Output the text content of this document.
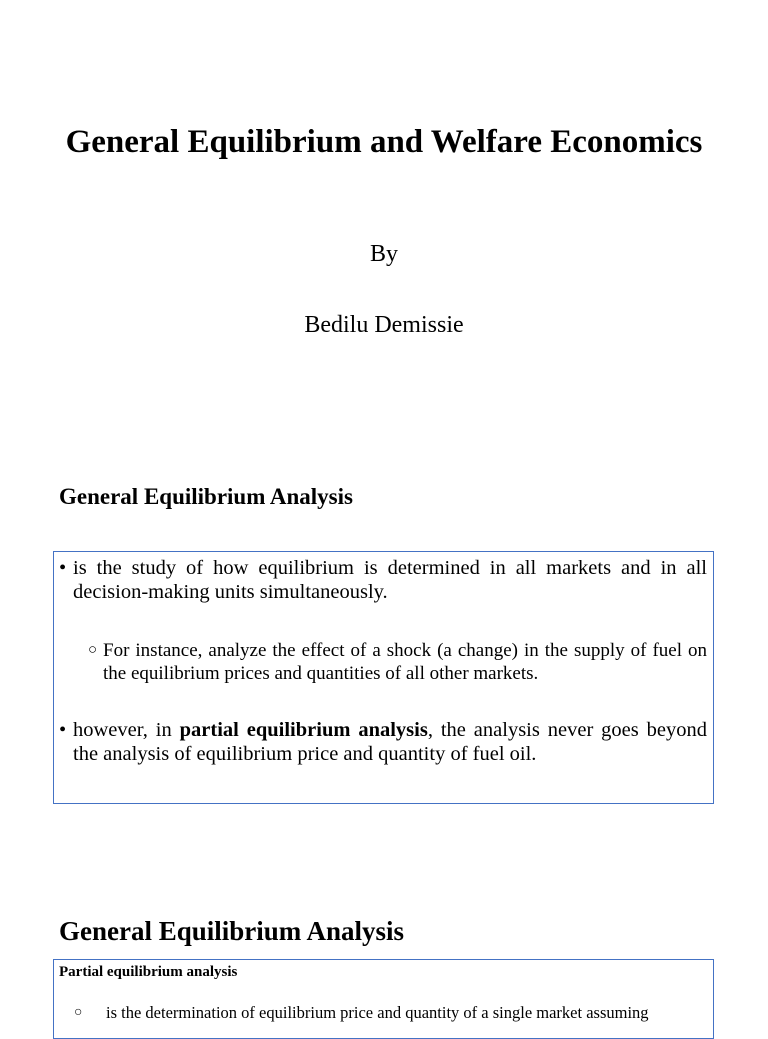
General Equilibrium and Welfare Economics
By
Bedilu Demissie
General Equilibrium Analysis
• is the study of how equilibrium is determined in all markets and in all decision-making units simultaneously.
○ For instance, analyze the effect of a shock (a change) in the supply of fuel on the equilibrium prices and quantities of all other markets.
• however, in partial equilibrium analysis, the analysis never goes beyond the analysis of equilibrium price and quantity of fuel oil.
General Equilibrium Analysis
Partial equilibrium analysis
○ is the determination of equilibrium price and quantity of a single market assuming
